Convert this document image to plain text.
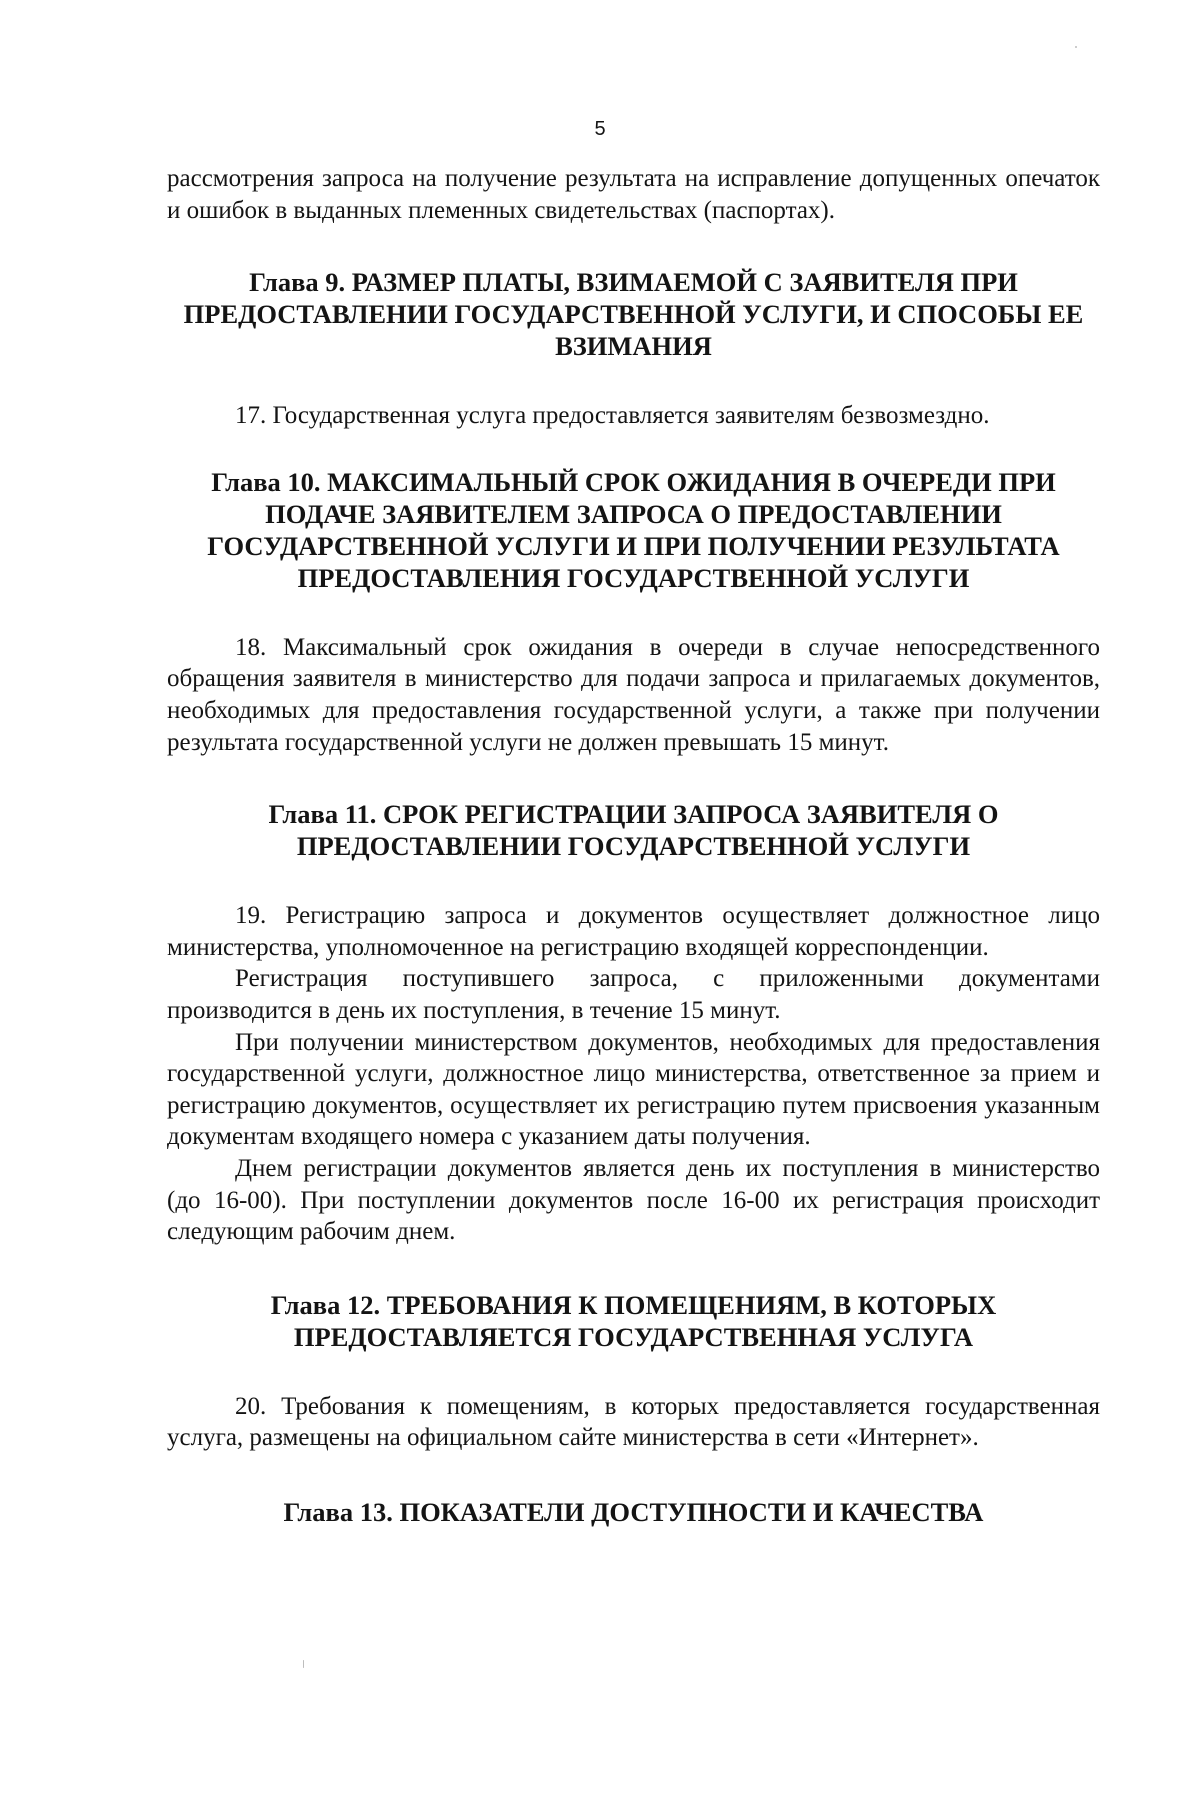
5

рассмотрения запроса на получение результата на исправление допущенных опечаток и ошибок в выданных племенных свидетельствах (паспортах).

Глава 9. РАЗМЕР ПЛАТЫ, ВЗИМАЕМОЙ С ЗАЯВИТЕЛЯ ПРИ ПРЕДОСТАВЛЕНИИ ГОСУДАРСТВЕННОЙ УСЛУГИ, И СПОСОБЫ ЕЕ ВЗИМАНИЯ

17. Государственная услуга предоставляется заявителям безвозмездно.

Глава 10. МАКСИМАЛЬНЫЙ СРОК ОЖИДАНИЯ В ОЧЕРЕДИ ПРИ ПОДАЧЕ ЗАЯВИТЕЛЕМ ЗАПРОСА О ПРЕДОСТАВЛЕНИИ ГОСУДАРСТВЕННОЙ УСЛУГИ И ПРИ ПОЛУЧЕНИИ РЕЗУЛЬТАТА ПРЕДОСТАВЛЕНИЯ ГОСУДАРСТВЕННОЙ УСЛУГИ

18. Максимальный срок ожидания в очереди в случае непосредственного обращения заявителя в министерство для подачи запроса и прилагаемых документов, необходимых для предоставления государственной услуги, а также при получении результата государственной услуги не должен превышать 15 минут.

Глава 11. СРОК РЕГИСТРАЦИИ ЗАПРОСА ЗАЯВИТЕЛЯ О ПРЕДОСТАВЛЕНИИ ГОСУДАРСТВЕННОЙ УСЛУГИ

19. Регистрацию запроса и документов осуществляет должностное лицо министерства, уполномоченное на регистрацию входящей корреспонденции.

Регистрация поступившего запроса, с приложенными документами производится в день их поступления, в течение 15 минут.

При получении министерством документов, необходимых для предоставления государственной услуги, должностное лицо министерства, ответственное за прием и регистрацию документов, осуществляет их регистрацию путем присвоения указанным документам входящего номера с указанием даты получения.

Днем регистрации документов является день их поступления в министерство (до 16-00). При поступлении документов после 16-00 их регистрация происходит следующим рабочим днем.

Глава 12. ТРЕБОВАНИЯ К ПОМЕЩЕНИЯМ, В КОТОРЫХ ПРЕДОСТАВЛЯЕТСЯ ГОСУДАРСТВЕННАЯ УСЛУГА

20. Требования к помещениям, в которых предоставляется государственная услуга, размещены на официальном сайте министерства в сети «Интернет».

Глава 13. ПОКАЗАТЕЛИ ДОСТУПНОСТИ И КАЧЕСТВА
